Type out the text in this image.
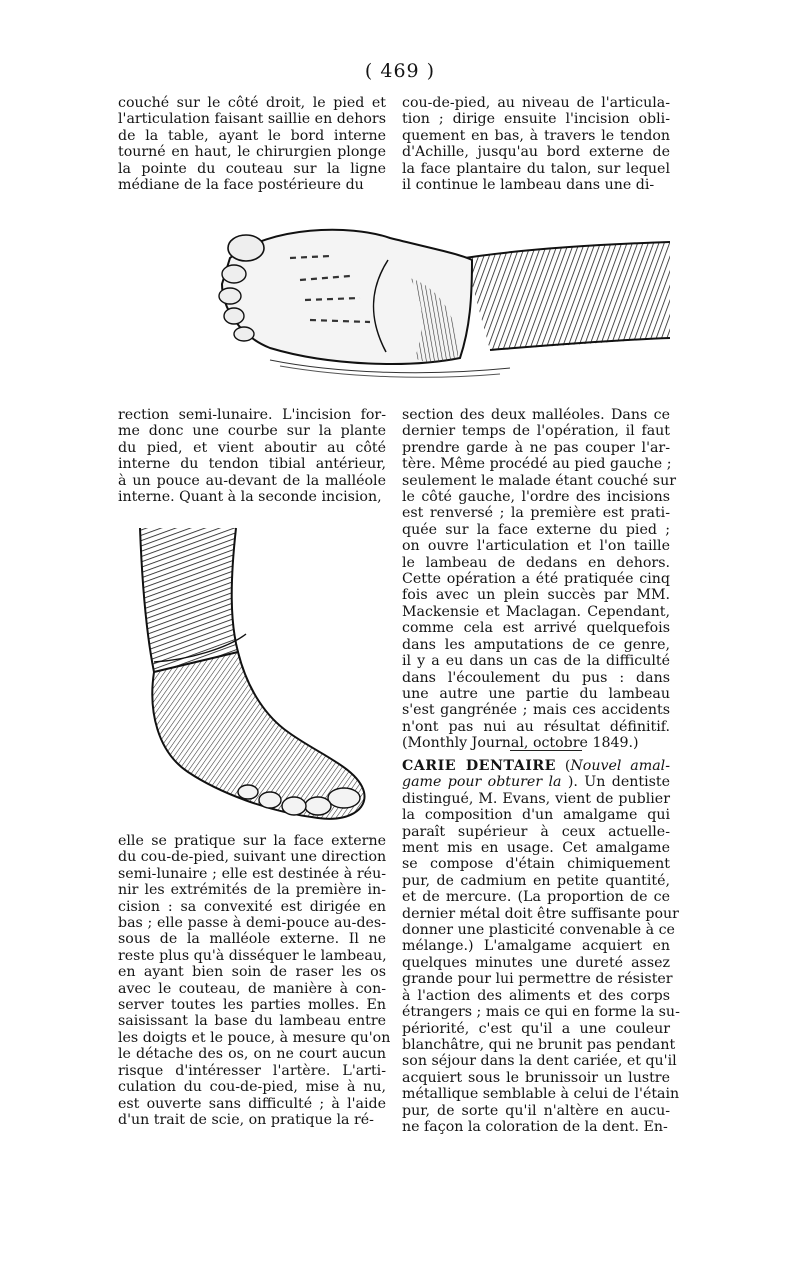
( 469 )
couché sur le côté droit, le pied et
l'articulation faisant saillie en dehors
de la table, ayant le bord interne
tourné en haut, le chirurgien plonge
la pointe du couteau sur la ligne
médiane de la face postérieure du
cou-de-pied, au niveau de l'articula-
tion ; dirige ensuite l'incision obli-
quement en bas, à travers le tendon
d'Achille, jusqu'au bord externe de
la face plantaire du talon, sur lequel
il continue le lambeau dans une di-
rection semi-lunaire. L'incision for-
me donc une courbe sur la plante
du pied, et vient aboutir au côté
interne du tendon tibial antérieur,
à un pouce au-devant de la malléole
interne. Quant à la seconde incision,
section des deux malléoles. Dans ce
dernier temps de l'opération, il faut
prendre garde à ne pas couper l'ar-
tère. Même procédé au pied gauche ;
seulement le malade étant couché sur
le côté gauche, l'ordre des incisions
est renversé ; la première est prati-
quée sur la face externe du pied ;
on ouvre l'articulation et l'on taille
le lambeau de dedans en dehors.
Cette opération a été pratiquée cinq
fois avec un plein succès par MM.
Mackensie et Maclagan. Cependant,
comme cela est arrivé quelquefois
dans les amputations de ce genre,
il y a eu dans un cas de la difficulté
dans l'écoulement du pus : dans
une autre une partie du lambeau
s'est gangrénée ; mais ces accidents
n'ont pas nui au résultat définitif.
(Monthly Journal, octobre 1849.)
elle se pratique sur la face externe
du cou-de-pied, suivant une direction
semi-lunaire ; elle est destinée à réu-
nir les extrémités de la première in-
cision : sa convexité est dirigée en
bas ; elle passe à demi-pouce au-des-
sous de la malléole externe. Il ne
reste plus qu'à disséquer le lambeau,
en ayant bien soin de raser les os
avec le couteau, de manière à con-
server toutes les parties molles. En
saisissant la base du lambeau entre
les doigts et le pouce, à mesure qu'on
le détache des os, on ne court aucun
risque d'intéresser l'artère. L'arti-
culation du cou-de-pied, mise à nu,
est ouverte sans difficulté ; à l'aide
d'un trait de scie, on pratique la ré-
CARIE DENTAIRE (Nouvel amal-
game pour obturer la ). Un dentiste
distingué, M. Evans, vient de publier
la composition d'un amalgame qui
paraît supérieur à ceux actuelle-
ment mis en usage. Cet amalgame
se compose d'étain chimiquement
pur, de cadmium en petite quantité,
et de mercure. (La proportion de ce
dernier métal doit être suffisante pour
donner une plasticité convenable à ce
mélange.) L'amalgame acquiert en
quelques minutes une dureté assez
grande pour lui permettre de résister
à l'action des aliments et des corps
étrangers ; mais ce qui en forme la su-
périorité, c'est qu'il a une couleur
blanchâtre, qui ne brunit pas pendant
son séjour dans la dent cariée, et qu'il
acquiert sous le brunissoir un lustre
métallique semblable à celui de l'étain
pur, de sorte qu'il n'altère en aucu-
ne façon la coloration de la dent. En-
